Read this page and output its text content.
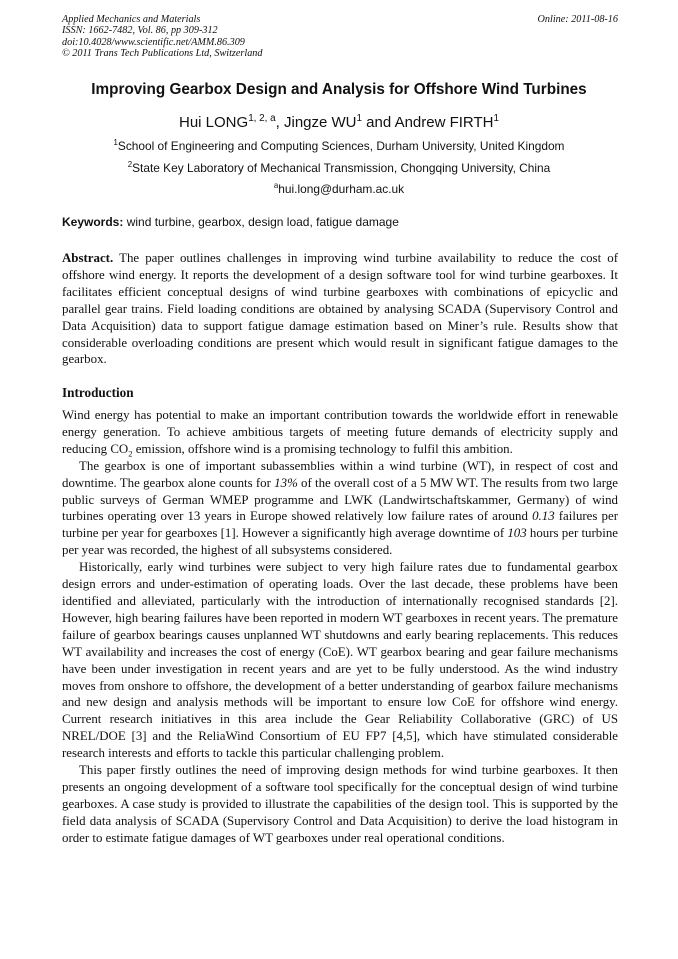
Applied Mechanics and Materials
ISSN: 1662-7482, Vol. 86, pp 309-312
doi:10.4028/www.scientific.net/AMM.86.309
© 2011 Trans Tech Publications Ltd, Switzerland
Online: 2011-08-16
Improving Gearbox Design and Analysis for Offshore Wind Turbines
Hui LONG$^{1, 2, a}$, Jingze $WU^1$ and Andrew FIRTH$^1$
$^1$School of Engineering and Computing Sciences, Durham University, United Kingdom
$^2$State Key Laboratory of Mechanical Transmission, Chongqing University, China
$^a$hui.long@durham.ac.uk
Keywords: wind turbine, gearbox, design load, fatigue damage

Abstract. The paper outlines challenges in improving wind turbine availability to reduce the cost of offshore wind energy. It reports the development of a design software tool for wind turbine gearboxes. It facilitates efficient conceptual designs of wind turbine gearboxes with combinations of epicyclic and parallel gear trains. Field loading conditions are obtained by analysing SCADA (Supervisory Control and Data Acquisition) data to support fatigue damage estimation based on Miner’s rule. Results show that considerable overloading conditions are present which would result in significant fatigue damages to the gearbox.

Introduction

Wind energy has potential to make an important contribution towards the worldwide effort in renewable energy generation. To achieve ambitious targets of meeting future demands of electricity supply and reducing $CO_2$ emission, offshore wind is a promising technology to fulfil this ambition.

The gearbox is one of important subassemblies within a wind turbine (WT), in respect of cost and downtime. The gearbox alone counts for 13% of the overall cost of a 5 MW WT. The results from two large public surveys of German WMEP programme and LWK (Landwirtschaftskammer, Germany) of wind turbines operating over 13 years in Europe showed relatively low failure rates of around 0.13 failures per turbine per year for gearboxes [1]. However a significantly high average downtime of 103 hours per turbine per year was recorded, the highest of all subsystems considered.

Historically, early wind turbines were subject to very high failure rates due to fundamental gearbox design errors and under-estimation of operating loads. Over the last decade, these problems have been identified and alleviated, particularly with the introduction of internationally recognised standards [2]. However, high bearing failures have been reported in modern WT gearboxes in recent years. The premature failure of gearbox bearings causes unplanned WT shutdowns and early bearing replacements. This reduces WT availability and increases the cost of energy (CoE). WT gearbox bearing and gear failure mechanisms have been under investigation in recent years and are yet to be fully understood. As the wind industry moves from onshore to offshore, the development of a better understanding of gearbox failure mechanisms and new design and analysis methods will be important to ensure low CoE for offshore wind energy. Current research initiatives in this area include the Gear Reliability Collaborative (GRC) of US NREL/DOE [3] and the ReliaWind Consortium of EU FP7 [4,5], which have stimulated considerable research interests and efforts to tackle this particular challenging problem.

This paper firstly outlines the need of improving design methods for wind turbine gearboxes. It then presents an ongoing development of a software tool specifically for the conceptual design of wind turbine gearboxes. A case study is provided to illustrate the capabilities of the design tool. This is supported by the field data analysis of SCADA (Supervisory Control and Data Acquisition) to derive the load histogram in order to estimate fatigue damages of WT gearboxes under real operational conditions.
